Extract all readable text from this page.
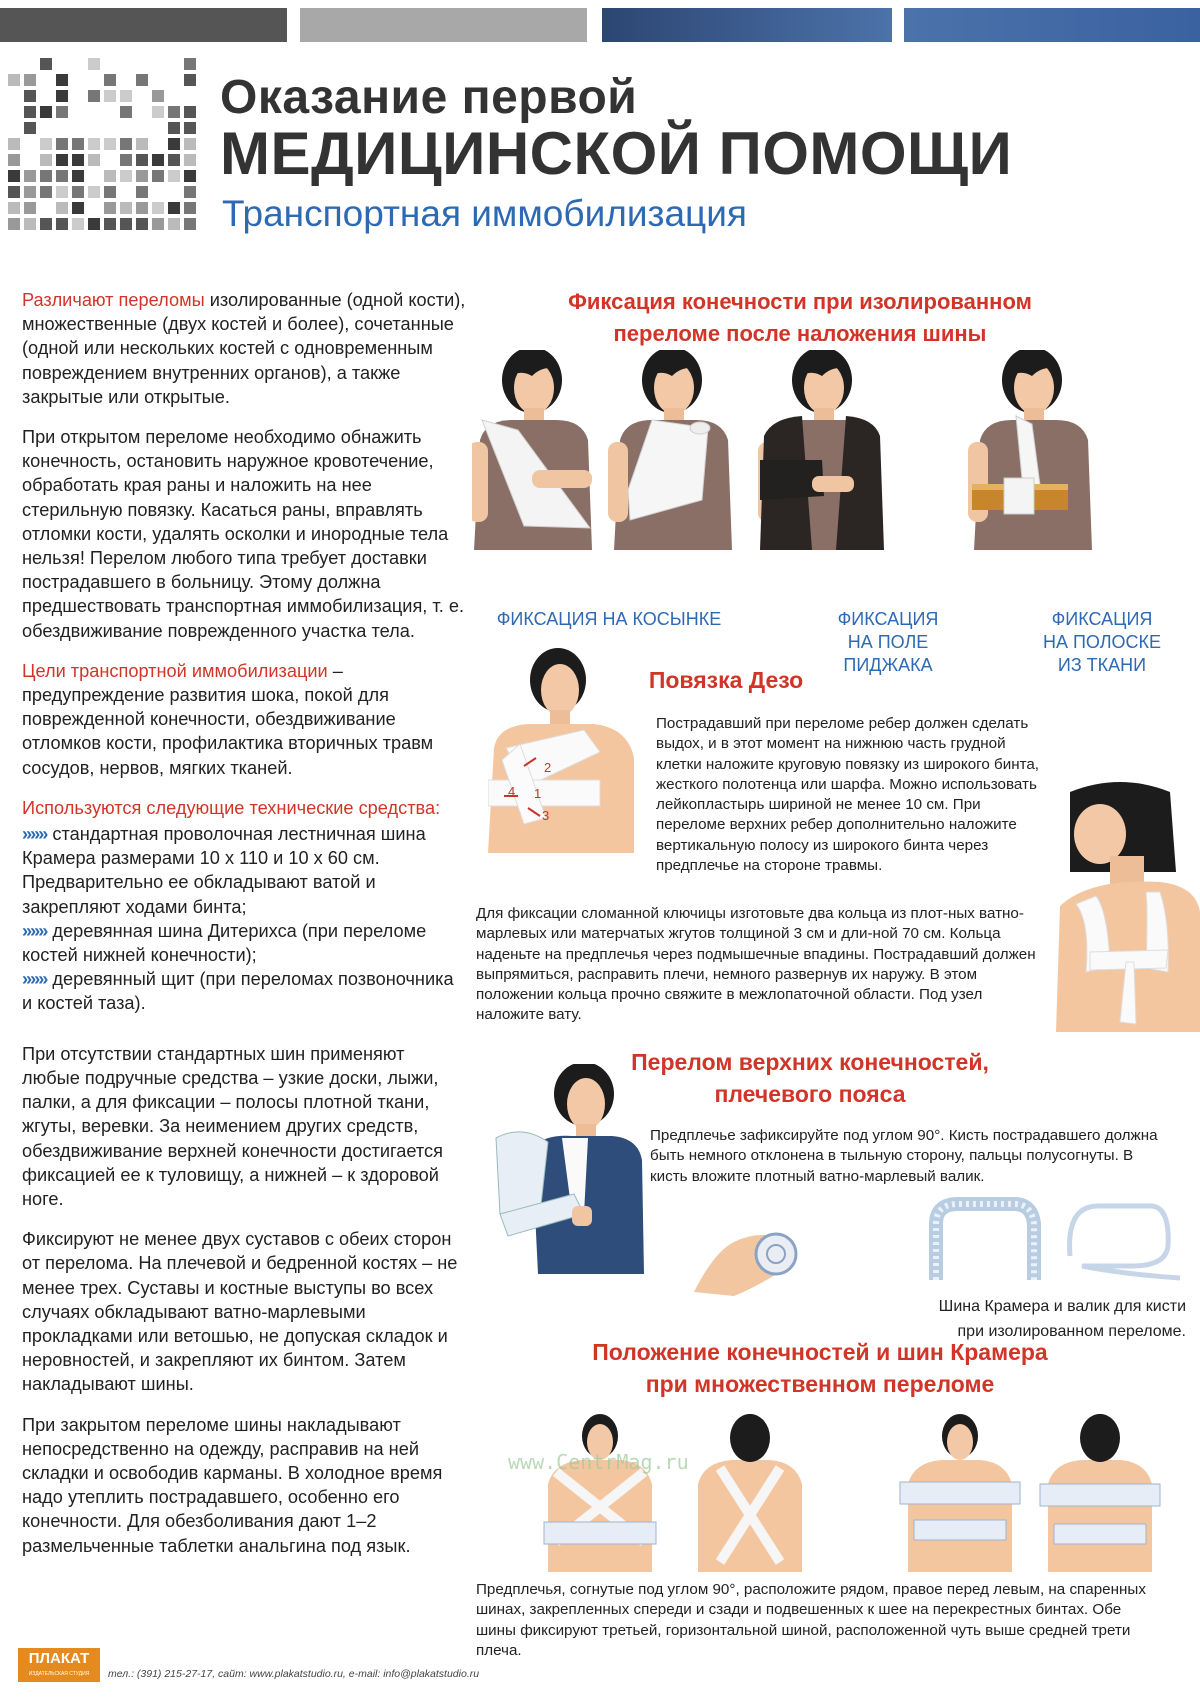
Оказание первой
МЕДИЦИНСКОЙ ПОМОЩИ
Транспортная иммобилизация

Различают переломы изолированные (одной кости), множественные (двух костей и более), сочетанные (одной или нескольких костей с одновременным повреждением внутренних органов), а также закрытые или открытые.

При открытом переломе необходимо обнажить конечность, остановить наружное кровотечение, обработать края раны и наложить на нее стерильную повязку. Касаться раны, вправлять отломки кости, удалять осколки и инородные тела нельзя! Перелом любого типа требует доставки пострадавшего в больницу. Этому должна предшествовать транспортная иммобилизация, т. е. обездвиживание поврежденного участка тела.

Цели транспортной иммобилизации – предупреждение развития шока, покой для поврежденной конечности, обездвиживание отломков кости, профилактика вторичных травм сосудов, нервов, мягких тканей.

Используются следующие технические средства:

»»» стандартная проволочная лестничная шина Крамера размерами 10 х 110 и 10 х 60 см. Предварительно ее обкладывают ватой и закрепляют ходами бинта;
»»» деревянная шина Дитерихса (при переломе костей нижней конечности);
»»» деревянный щит (при переломах позвоночника и костей таза).

При отсутствии стандартных шин применяют любые подручные средства – узкие доски, лыжи, палки, а для фиксации – полосы плотной ткани, жгуты, веревки. За неимением других средств, обездвиживание верхней конечности достигается фиксацией ее к туловищу, а нижней – к здоровой ноге.

Фиксируют не менее двух суставов с обеих сторон от перелома. На плечевой и бедренной костях – не менее трех. Суставы и костные выступы во всех случаях обкладывают ватно-марлевыми прокладками или ветошью, не допуская складок и неровностей, и закрепляют их бинтом. Затем накладывают шины.

При закрытом переломе шины накладывают непосредственно на одежду, расправив на ней складки и освободив карманы. В холодное время надо утеплить пострадавшего, особенно его конечности. Для обезболивания дают 1–2 размельченные таблетки анальгина под язык.

Фиксация конечности при изолированном
переломе после наложения шины
ФИКСАЦИЯ НА КОСЫНКЕ	ФИКСАЦИЯ
НА ПОЛЕ
ПИДЖАКА
ФИКСАЦИЯ
НА ПОЛОСКЕ
ИЗ ТКАНИ
Повязка Дезо
1
2
3
4
Пострадавший при переломе ребер должен сделать выдох, и в этот момент на нижнюю часть грудной клетки наложите круговую повязку из широкого бинта, жесткого полотенца или шарфа. Можно использовать лейкопластырь шириной не менее 10 см. При переломе верхних ребер дополнительно наложите вертикальную полосу из широкого бинта через предплечье на стороне травмы.
Для фиксации сломанной ключицы изготовьте два кольца из плот-ных ватно-марлевых или матерчатых жгутов толщиной 3 см и дли-ной 70 см. Кольца наденьте на предплечья через подмышечные впадины. Пострадавший должен выпрямиться, расправить плечи, немного развернув их наружу. В этом положении кольца прочно свяжите в межлопаточной области. Под узел наложите вату.
Перелом верхних конечностей,
плечевого пояса
Предплечье зафиксируйте под углом 90°. Кисть пострадавшего должна быть немного отклонена в тыльную сторону, пальцы полусогнуты. В кисть вложите плотный ватно-марлевый валик.
Шина Крамера и валик для кисти
при изолированном переломе.
Положение конечностей и шин Крамера
при множественном переломе
www.CentrMag.ru
Предплечья, согнутые под углом 90°, расположите рядом, правое перед левым, на спаренных шинах, закрепленных спереди и сзади и подвешенных к шее на перекрестных бинтах. Обе шины фиксируют третьей, горизонтальной шиной, расположенной чуть выше средней трети плеча.
ПЛАКАТ
ИЗДАТЕЛЬСКАЯ СТУДИЯ	тел.: (391) 215-27-17, сайт: www.plakatstudio.ru, e-mail: info@plakatstudio.ru
